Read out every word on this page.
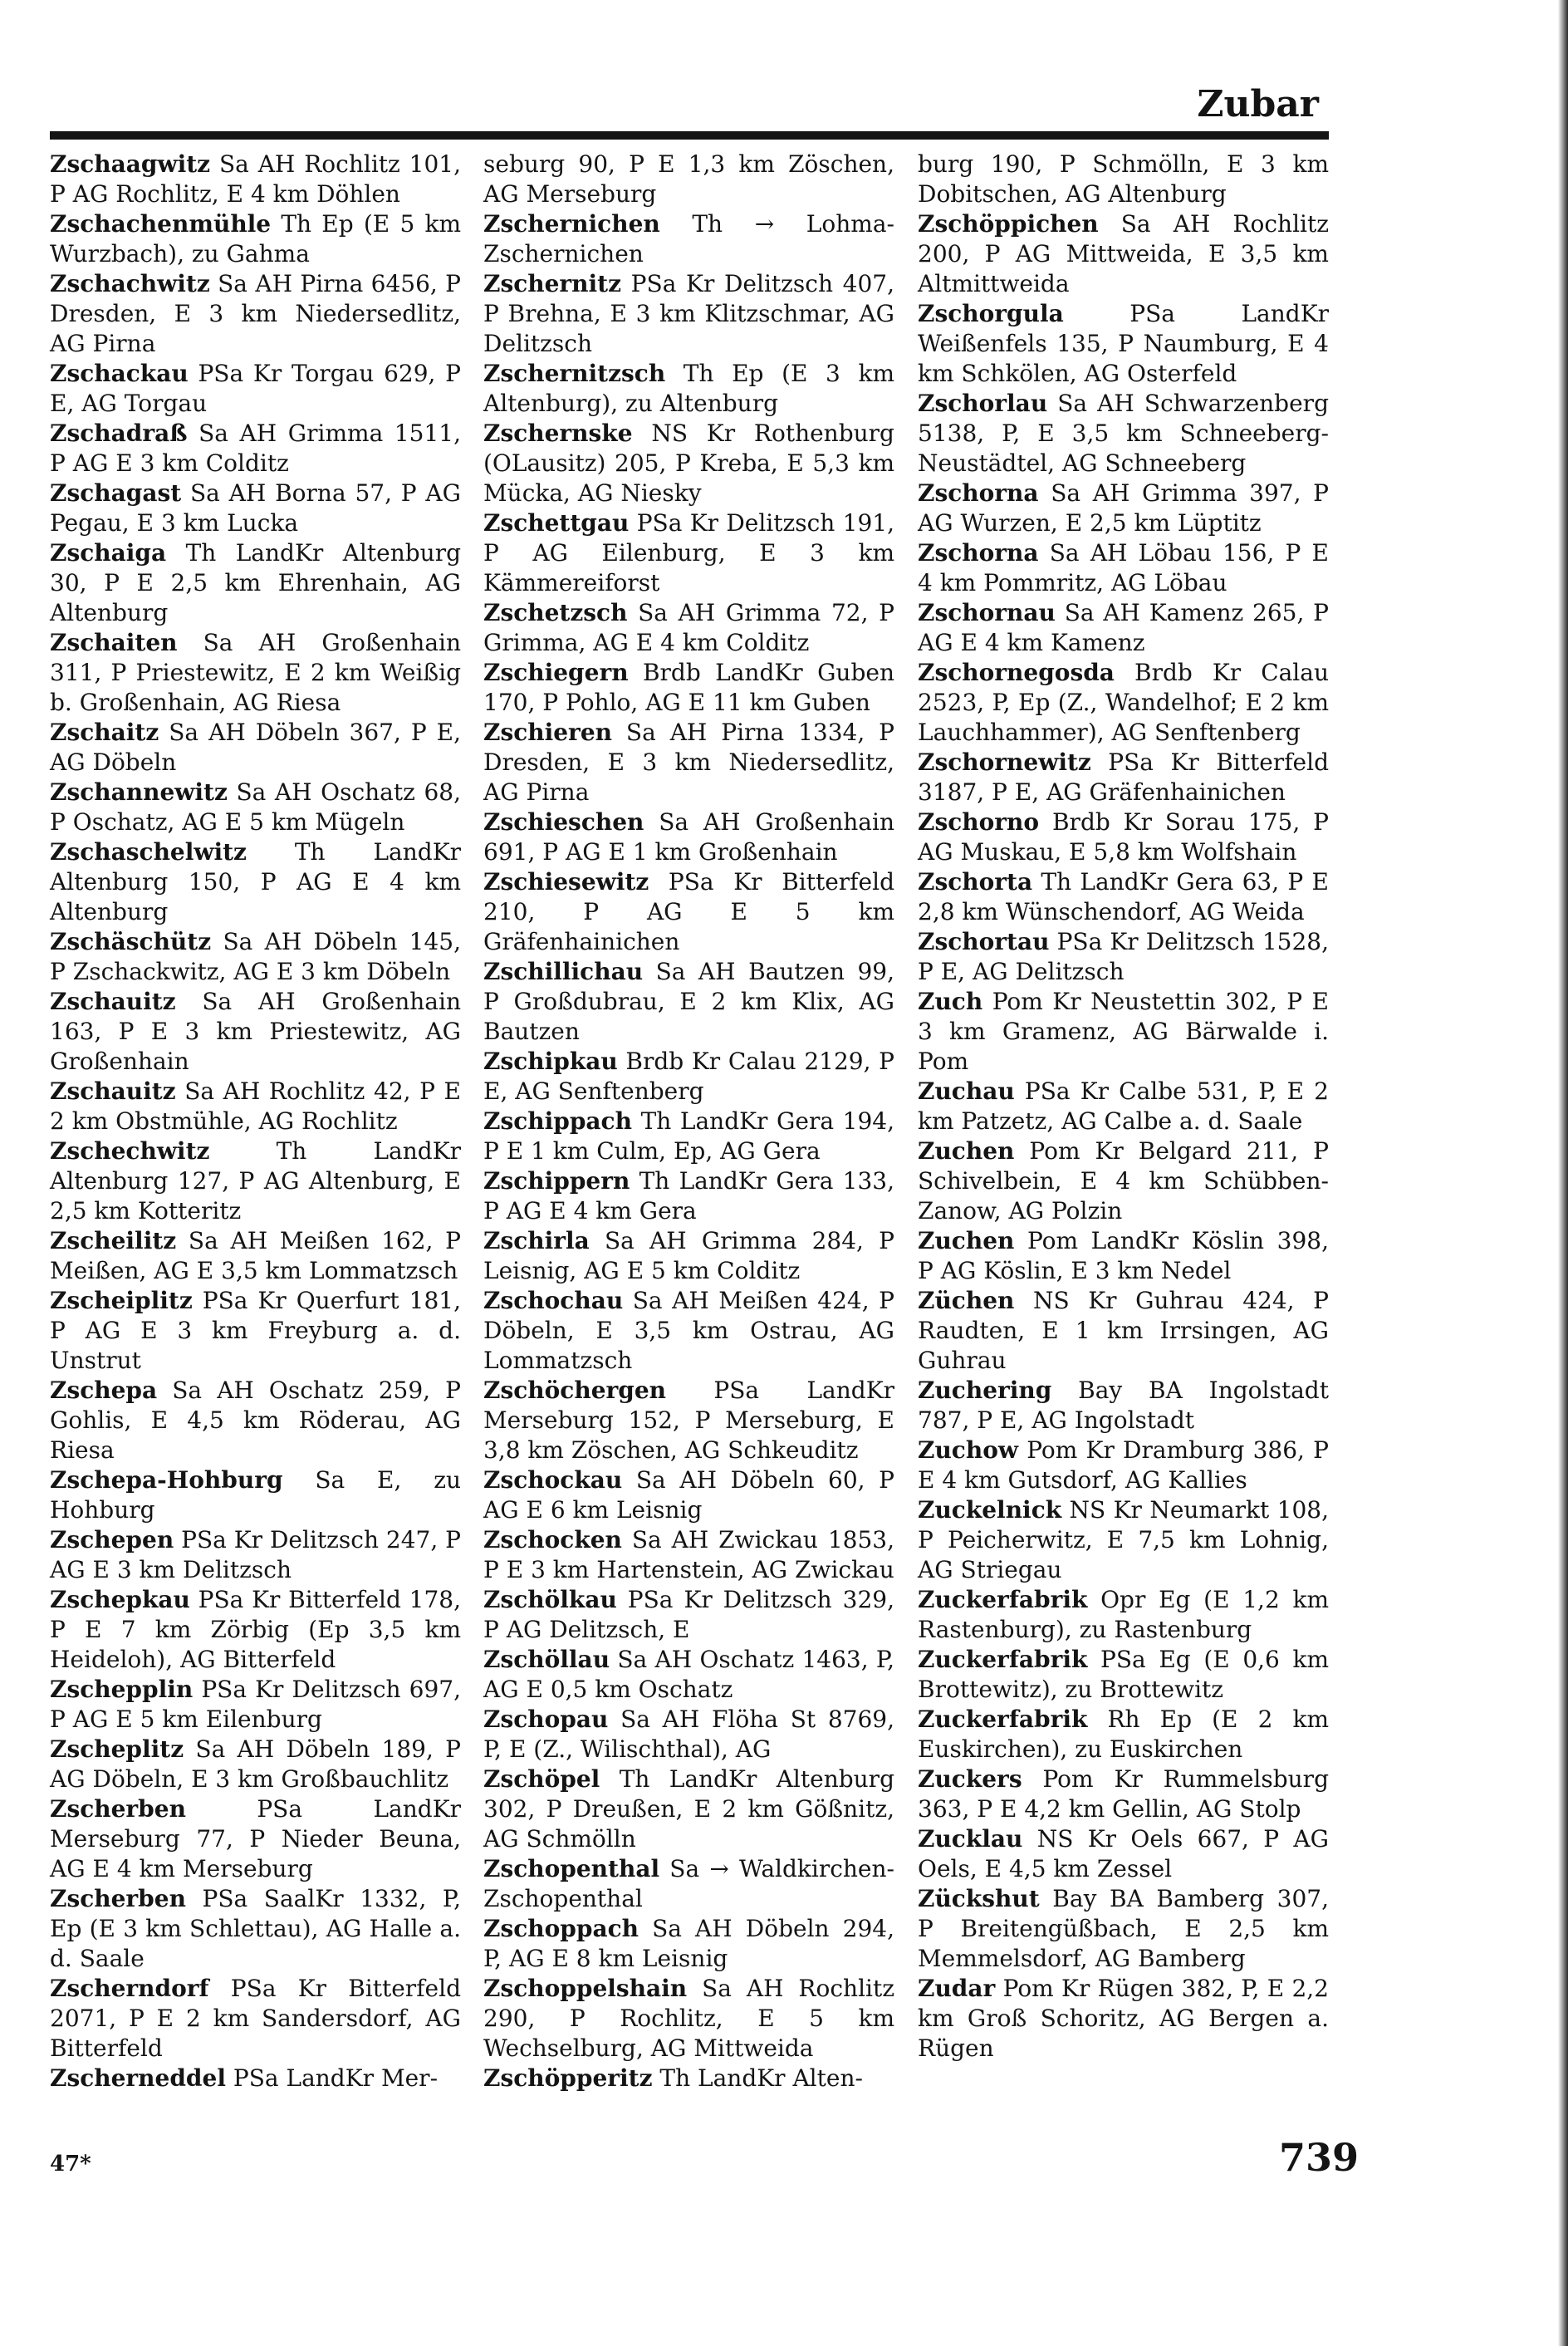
Zubar

Zschaagwitz Sa AH Rochlitz 101, P AG Rochlitz, E 4 km Döhlen

Zschachenmühle Th Ep (E 5 km Wurzbach), zu Gahma

Zschachwitz Sa AH Pirna 6456, P Dresden, E 3 km Niedersedlitz, AG Pirna

Zschackau PSa Kr Torgau 629, P E, AG Torgau

Zschadraß Sa AH Grimma 1511, P AG E 3 km Colditz

Zschagast Sa AH Borna 57, P AG Pegau, E 3 km Lucka

Zschaiga Th LandKr Altenburg 30, P E 2,5 km Ehrenhain, AG Altenburg

Zschaiten Sa AH Großenhain 311, P Priestewitz, E 2 km Weißig b. Großenhain, AG Riesa

Zschaitz Sa AH Döbeln 367, P E, AG Döbeln

Zschannewitz Sa AH Oschatz 68, P Oschatz, AG E 5 km Mügeln

Zschaschelwitz Th LandKr Altenburg 150, P AG E 4 km Altenburg

Zschäschütz Sa AH Döbeln 145, P Zschackwitz, AG E 3 km Döbeln

Zschauitz Sa AH Großenhain 163, P E 3 km Priestewitz, AG Großenhain

Zschauitz Sa AH Rochlitz 42, P E 2 km Obstmühle, AG Rochlitz

Zschechwitz	Th LandKr Altenburg 127, P AG Altenburg, E 2,5 km Kotteritz

Zscheilitz Sa AH Meißen 162, P Meißen, AG E 3,5 km Lommatzsch

Zscheiplitz PSa Kr Querfurt 181, P AG E 3 km Freyburg a. d. Unstrut

Zschepa Sa AH Oschatz 259, P Gohlis, E 4,5 km Röderau, AG Riesa

Zschepa-Hohburg Sa E, zu Hohburg

Zschepen PSa Kr Delitzsch 247, P AG E 3 km Delitzsch

Zschepkau PSa Kr Bitterfeld 178, P E 7 km Zörbig (Ep 3,5 km Heideloh), AG Bitterfeld

Zschepplin PSa Kr Delitzsch 697, P AG E 5 km Eilenburg

Zscheplitz Sa AH Döbeln 189, P AG Döbeln, E 3 km Großbauchlitz

Zscherben	PSa LandKr Merseburg 77, P Nieder Beuna, AG E 4 km Merseburg

Zscherben PSa SaalKr 1332, P, Ep (E 3 km Schlettau), AG Halle a. d. Saale

Zscherndorf PSa Kr Bitterfeld 2071, P E 2 km Sandersdorf, AG Bitterfeld

Zscherneddel PSa LandKr Mer-

seburg 90, P E 1,3 km Zöschen, AG Merseburg

Zschernichen Th → Lohma-Zschernichen

Zschernitz PSa Kr Delitzsch 407, P Brehna, E 3 km Klitzschmar, AG Delitzsch

Zschernitzsch Th Ep (E 3 km Altenburg), zu Altenburg

Zschernske NS Kr Rothenburg (OLausitz) 205, P Kreba, E 5,3 km Mücka, AG Niesky

Zschettgau PSa Kr Delitzsch 191, P AG Eilenburg, E 3 km Kämmereiforst

Zschetzsch Sa AH Grimma 72, P Grimma, AG E 4 km Colditz

Zschiegern Brdb LandKr Guben 170, P Pohlo, AG E 11 km Guben

Zschieren Sa AH Pirna 1334, P Dresden, E 3 km Niedersedlitz, AG Pirna

Zschieschen Sa AH Großenhain 691, P AG E 1 km Großenhain

Zschiesewitz PSa Kr Bitterfeld 210, P AG E 5 km Gräfenhainichen

Zschillichau Sa AH Bautzen 99, P Großdubrau, E 2 km Klix, AG Bautzen

Zschipkau Brdb Kr Calau 2129, P E, AG Senftenberg

Zschippach Th LandKr Gera 194, P E 1 km Culm, Ep, AG Gera

Zschippern Th LandKr Gera 133, P AG E 4 km Gera

Zschirla Sa AH Grimma 284, P Leisnig, AG E 5 km Colditz

Zschochau Sa AH Meißen 424, P Döbeln, E 3,5 km Ostrau, AG Lommatzsch

Zschöchergen PSa LandKr Merseburg 152, P Merseburg, E 3,8 km Zöschen, AG Schkeuditz

Zschockau Sa AH Döbeln 60, P AG E 6 km Leisnig

Zschocken Sa AH Zwickau 1853, P E 3 km Hartenstein, AG Zwickau

Zschölkau PSa Kr Delitzsch 329, P AG Delitzsch, E

Zschöllau Sa AH Oschatz 1463, P, AG E 0,5 km Oschatz

Zschopau Sa AH Flöha St 8769, P, E (Z., Wilischthal), AG

Zschöpel Th LandKr Altenburg 302, P Dreußen, E 2 km Gößnitz, AG Schmölln

Zschopenthal Sa → Waldkirchen-Zschopenthal

Zschoppach Sa AH Döbeln 294, P, AG E 8 km Leisnig

Zschoppelshain Sa AH Rochlitz 290, P Rochlitz, E 5 km Wechselburg, AG Mittweida

Zschöpperitz Th LandKr Alten-

burg 190, P Schmölln, E 3 km Dobitschen, AG Altenburg

Zschöppichen Sa AH Rochlitz 200, P AG Mittweida, E 3,5 km Altmittweida

Zschorgula	PSa LandKr Weißenfels 135, P Naumburg, E 4 km Schkölen, AG Osterfeld

Zschorlau Sa AH Schwarzenberg 5138, P, E 3,5 km Schneeberg-Neustädtel, AG Schneeberg

Zschorna Sa AH Grimma 397, P AG Wurzen, E 2,5 km Lüptitz

Zschorna Sa AH Löbau 156, P E 4 km Pommritz, AG Löbau

Zschornau Sa AH Kamenz 265, P AG E 4 km Kamenz

Zschornegosda Brdb Kr Calau 2523, P, Ep (Z., Wandelhof; E 2 km Lauchhammer), AG Senftenberg

Zschornewitz PSa Kr Bitterfeld 3187, P E, AG Gräfenhainichen

Zschorno Brdb Kr Sorau 175, P AG Muskau, E 5,8 km Wolfshain

Zschorta Th LandKr Gera 63, P E 2,8 km Wünschendorf, AG Weida

Zschortau PSa Kr Delitzsch 1528, P E, AG Delitzsch

Zuch Pom Kr Neustettin 302, P E 3 km Gramenz, AG Bärwalde i. Pom

Zuchau PSa Kr Calbe 531, P, E 2 km Patzetz, AG Calbe a. d. Saale

Zuchen Pom Kr Belgard 211, P Schivelbein, E 4 km Schübben-Zanow, AG Polzin

Zuchen Pom LandKr Köslin 398, P AG Köslin, E 3 km Nedel

Züchen NS Kr Guhrau 424, P Raudten, E 1 km Irrsingen, AG Guhrau

Zuchering Bay BA Ingolstadt 787, P E, AG Ingolstadt

Zuchow Pom Kr Dramburg 386, P E 4 km Gutsdorf, AG Kallies

Zuckelnick NS Kr Neumarkt 108, P Peicherwitz, E 7,5 km Lohnig, AG Striegau

Zuckerfabrik Opr Eg (E 1,2 km Rastenburg), zu Rastenburg

Zuckerfabrik PSa Eg (E 0,6 km Brottewitz), zu Brottewitz

Zuckerfabrik Rh Ep (E 2 km Euskirchen), zu Euskirchen

Zuckers Pom Kr Rummelsburg 363, P E 4,2 km Gellin, AG Stolp

Zucklau NS Kr Oels 667, P AG Oels, E 4,5 km Zessel

Zückshut Bay BA Bamberg 307, P Breitengüßbach, E 2,5 km Memmelsdorf, AG Bamberg

Zudar Pom Kr Rügen 382, P, E 2,2 km Groß Schoritz, AG Bergen a. Rügen

47*	739
